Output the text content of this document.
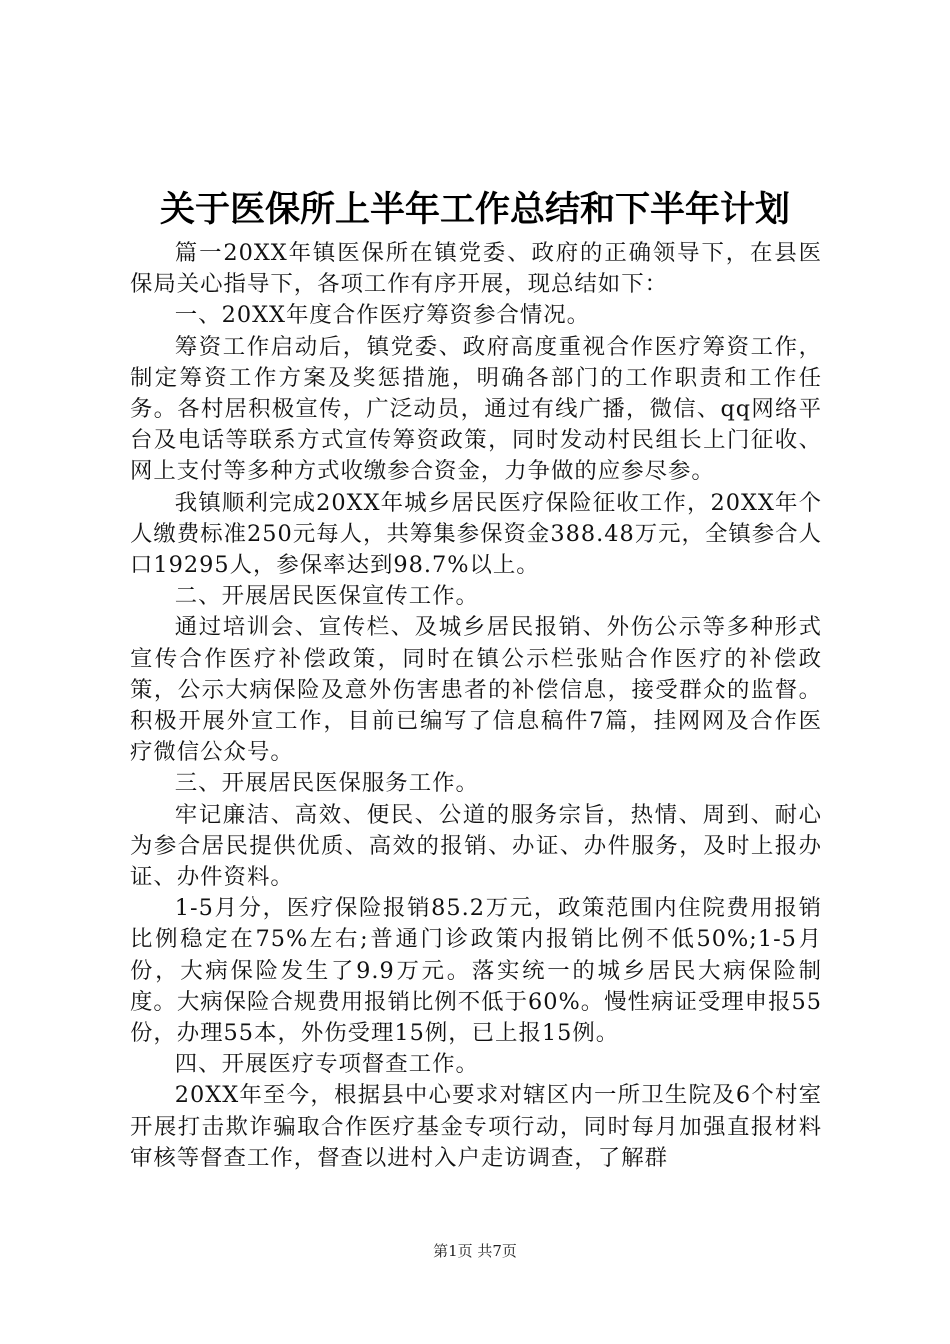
关于医保所上半年工作总结和下半年计划

篇一20XX年镇医保所在镇党委、政府的正确领导下，在县医保局关心指导下，各项工作有序开展，现总结如下：

一、20XX年度合作医疗筹资参合情况。

筹资工作启动后，镇党委、政府高度重视合作医疗筹资工作，制定筹资工作方案及奖惩措施，明确各部门的工作职责和工作任务。各村居积极宣传，广泛动员，通过有线广播，微信、qq网络平台及电话等联系方式宣传筹资政策，同时发动村民组长上门征收、网上支付等多种方式收缴参合资金，力争做的应参尽参。

我镇顺利完成20XX年城乡居民医疗保险征收工作，20XX年个人缴费标准250元每人，共筹集参保资金388.48万元，全镇参合人口19295人，参保率达到98.7%以上。

二、开展居民医保宣传工作。

通过培训会、宣传栏、及城乡居民报销、外伤公示等多种形式宣传合作医疗补偿政策，同时在镇公示栏张贴合作医疗的补偿政策，公示大病保险及意外伤害患者的补偿信息，接受群众的监督。积极开展外宣工作，目前已编写了信息稿件7篇，挂网网及合作医疗微信公众号。

三、开展居民医保服务工作。

牢记廉洁、高效、便民、公道的服务宗旨，热情、周到、耐心为参合居民提供优质、高效的报销、办证、办件服务，及时上报办证、办件资料。

1-5月分，医疗保险报销85.2万元，政策范围内住院费用报销比例稳定在75%左右;普通门诊政策内报销比例不低50%;1-5月份，大病保险发生了9.9万元。落实统一的城乡居民大病保险制度。大病保险合规费用报销比例不低于60%。慢性病证受理申报55份，办理55本，外伤受理15例，已上报15例。

四、开展医疗专项督查工作。

20XX年至今，根据县中心要求对辖区内一所卫生院及6个村室开展打击欺诈骗取合作医疗基金专项行动，同时每月加强直报材料审核等督查工作，督查以进村入户走访调查，了解群

第1页 共7页
